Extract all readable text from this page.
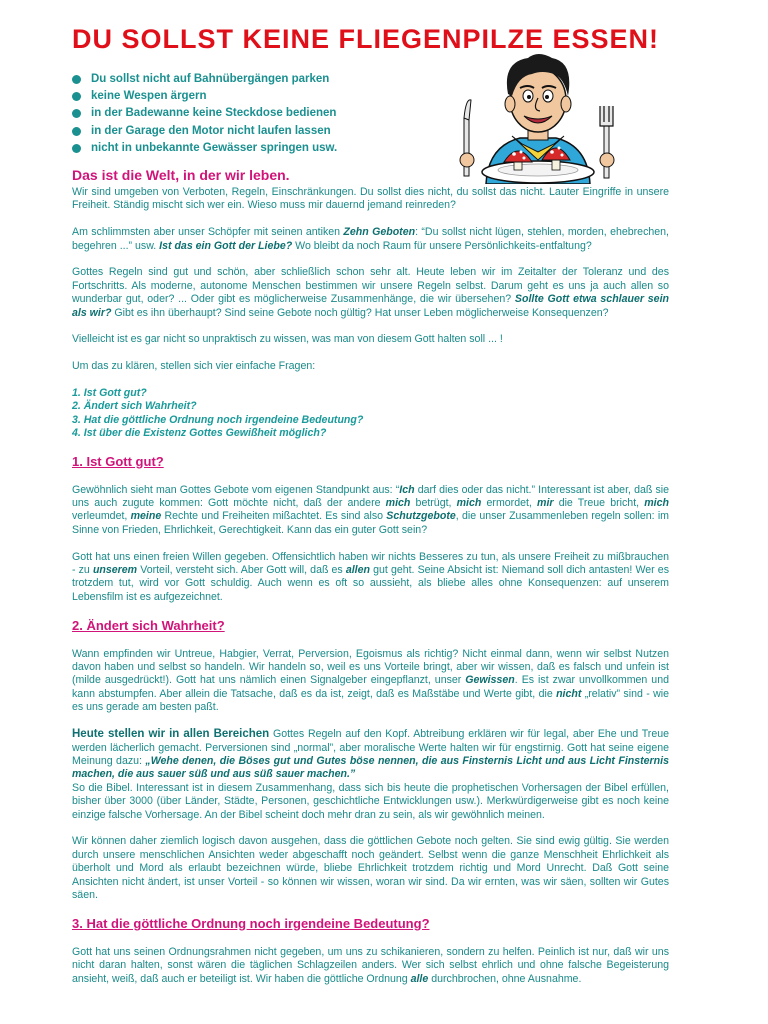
DU SOLLST KEINE FLIEGENPILZE ESSEN!
Du sollst nicht auf Bahnübergängen parken
keine Wespen ärgern
in der Badewanne keine Steckdose bedienen
in der Garage den Motor nicht laufen lassen
nicht in unbekannte Gewässer springen usw.
Das ist die Welt, in der wir leben.

Wir sind umgeben von Verboten, Regeln, Einschränkungen. Du sollst dies nicht, du sollst das nicht. Lauter Eingriffe in unsere Freiheit. Ständig mischt sich wer ein. Wieso muss mir dauernd jemand reinreden?

Am schlimmsten aber unser Schöpfer mit seinen antiken Zehn Geboten: “Du sollst nicht lügen, stehlen, morden, ehebrechen, begehren ...” usw. Ist das ein Gott der Liebe? Wo bleibt da noch Raum für unsere Persönlichkeits-entfaltung?

Gottes Regeln sind gut und schön, aber schließlich schon sehr alt. Heute leben wir im Zeitalter der Toleranz und des Fortschritts. Als moderne, autonome Menschen bestimmen wir unsere Regeln selbst. Darum geht es uns ja auch allen so wunderbar gut, oder? ... Oder gibt es möglicherweise Zusammenhänge, die wir übersehen? Sollte Gott etwa schlauer sein als wir? Gibt es ihn überhaupt? Sind seine Gebote noch gültig? Hat unser Leben möglicherweise Konsequenzen?

Vielleicht ist es gar nicht so unpraktisch zu wissen, was man von diesem Gott halten soll ... !

Um das zu klären, stellen sich vier einfache Fragen:

1. Ist Gott gut?
2. Ändert sich Wahrheit?
3. Hat die göttliche Ordnung noch irgendeine Bedeutung?
4. Ist über die Existenz Gottes Gewißheit möglich?

1. Ist Gott gut?

Gewöhnlich sieht man Gottes Gebote vom eigenen Standpunkt aus: “Ich darf dies oder das nicht.” Interessant ist aber, daß sie uns auch zugute kommen: Gott möchte nicht, daß der andere mich betrügt, mich ermordet, mir die Treue bricht, mich verleumdet, meine Rechte und Freiheiten mißachtet. Es sind also Schutzgebote, die unser Zusammenleben regeln sollen: im Sinne von Frieden, Ehrlichkeit, Gerechtigkeit. Kann das ein guter Gott sein?

Gott hat uns einen freien Willen gegeben. Offensichtlich haben wir nichts Besseres zu tun, als unsere Freiheit zu mißbrauchen - zu unserem Vorteil, versteht sich. Aber Gott will, daß es allen gut geht. Seine Absicht ist: Niemand soll dich antasten! Wer es trotzdem tut, wird vor Gott schuldig. Auch wenn es oft so aussieht, als bliebe alles ohne Konsequenzen: auf unserem Lebensfilm ist es aufgezeichnet.

2. Ändert sich Wahrheit?

Wann empfinden wir Untreue, Habgier, Verrat, Perversion, Egoismus als richtig? Nicht einmal dann, wenn wir selbst Nutzen davon haben und selbst so handeln. Wir handeln so, weil es uns Vorteile bringt, aber wir wissen, daß es falsch und unfein ist (milde ausgedrückt!). Gott hat uns nämlich einen Signalgeber eingepflanzt, unser Gewissen. Es ist zwar unvollkommen und kann abstumpfen. Aber allein die Tatsache, daß es da ist, zeigt, daß es Maßstäbe und Werte gibt, die nicht „relativ” sind - wie es uns gerade am besten paßt.

Heute stellen wir in allen Bereichen Gottes Regeln auf den Kopf. Abtreibung erklären wir für legal, aber Ehe und Treue werden lächerlich gemacht. Perversionen sind „normal”, aber moralische Werte halten wir für engstirnig. Gott hat seine eigene Meinung dazu: „Wehe denen, die Böses gut und Gutes böse nennen, die aus Finsternis Licht und aus Licht Finsternis machen, die aus sauer süß und aus süß sauer machen.”
So die Bibel. Interessant ist in diesem Zusammenhang, dass sich bis heute die prophetischen Vorhersagen der Bibel erfüllen, bisher über 3000 (über Länder, Städte, Personen, geschichtliche Entwicklungen usw.). Merkwürdigerweise gibt es noch keine einzige falsche Vorhersage. An der Bibel scheint doch mehr dran zu sein, als wir gewöhnlich meinen.

Wir können daher ziemlich logisch davon ausgehen, dass die göttlichen Gebote noch gelten. Sie sind ewig gültig. Sie werden durch unsere menschlichen Ansichten weder abgeschafft noch geändert. Selbst wenn die ganze Menschheit Ehrlichkeit als überholt und Mord als erlaubt bezeichnen würde, bliebe Ehrlichkeit trotzdem richtig und Mord Unrecht. Daß Gott seine Ansichten nicht ändert, ist unser Vorteil - so können wir wissen, woran wir sind. Da wir ernten, was wir säen, sollten wir Gutes säen.

3. Hat die göttliche Ordnung noch irgendeine Bedeutung?

Gott hat uns seinen Ordnungsrahmen nicht gegeben, um uns zu schikanieren, sondern zu helfen. Peinlich ist nur, daß wir uns nicht daran halten, sonst wären die täglichen Schlagzeilen anders. Wer sich selbst ehrlich und ohne falsche Begeisterung ansieht, weiß, daß auch er beteiligt ist. Wir haben die göttliche Ordnung alle durchbrochen, ohne Ausnahme.
